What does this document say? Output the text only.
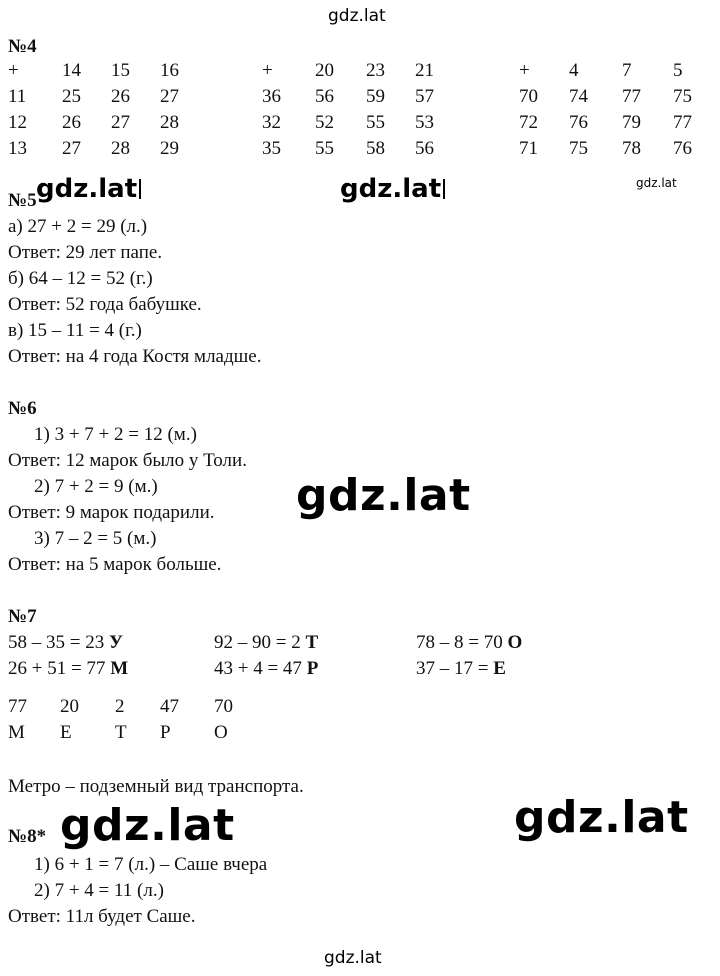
gdz.lat
№4
+ 14 15 16
11 25 26 27
12 26 27 28
13 27 28 29
+ 20 23 21
36 56 59 57
32 52 55 53
35 55 58 56
+ 4 7 5
70 74 77 75
72 76 79 77
71 75 78 76
gdz.lat	gdz.lat	gdz.lat
№5
а) 27 + 2 = 29 (л.)
Ответ: 29 лет папе.
б) 64 – 12 = 52 (г.)
Ответ: 52 года бабушке.
в) 15 – 11 = 4 (г.)
Ответ: на 4 года Костя младше.
№6
1) 3 + 7 + 2 = 12 (м.)
Ответ: 12 марок было у Толи.
2) 7 + 2 = 9 (м.)
Ответ: 9 марок подарили.
3) 7 – 2 = 5 (м.)
Ответ: на 5 марок больше.
gdz.lat
№7
58 – 35 = 23 У	92 – 90 = 2 Т	78 – 8 = 70 О
26 + 51 = 77 М	43 + 4 = 47 Р	37 – 17 = Е
77 20 2 47 70
М Е Т Р О
Метро – подземный вид транспорта.
gdz.lat	gdz.lat
№8*
1) 6 + 1 = 7 (л.) – Саше вчера
2) 7 + 4 = 11 (л.)
Ответ: 11л будет Саше.
gdz.lat
